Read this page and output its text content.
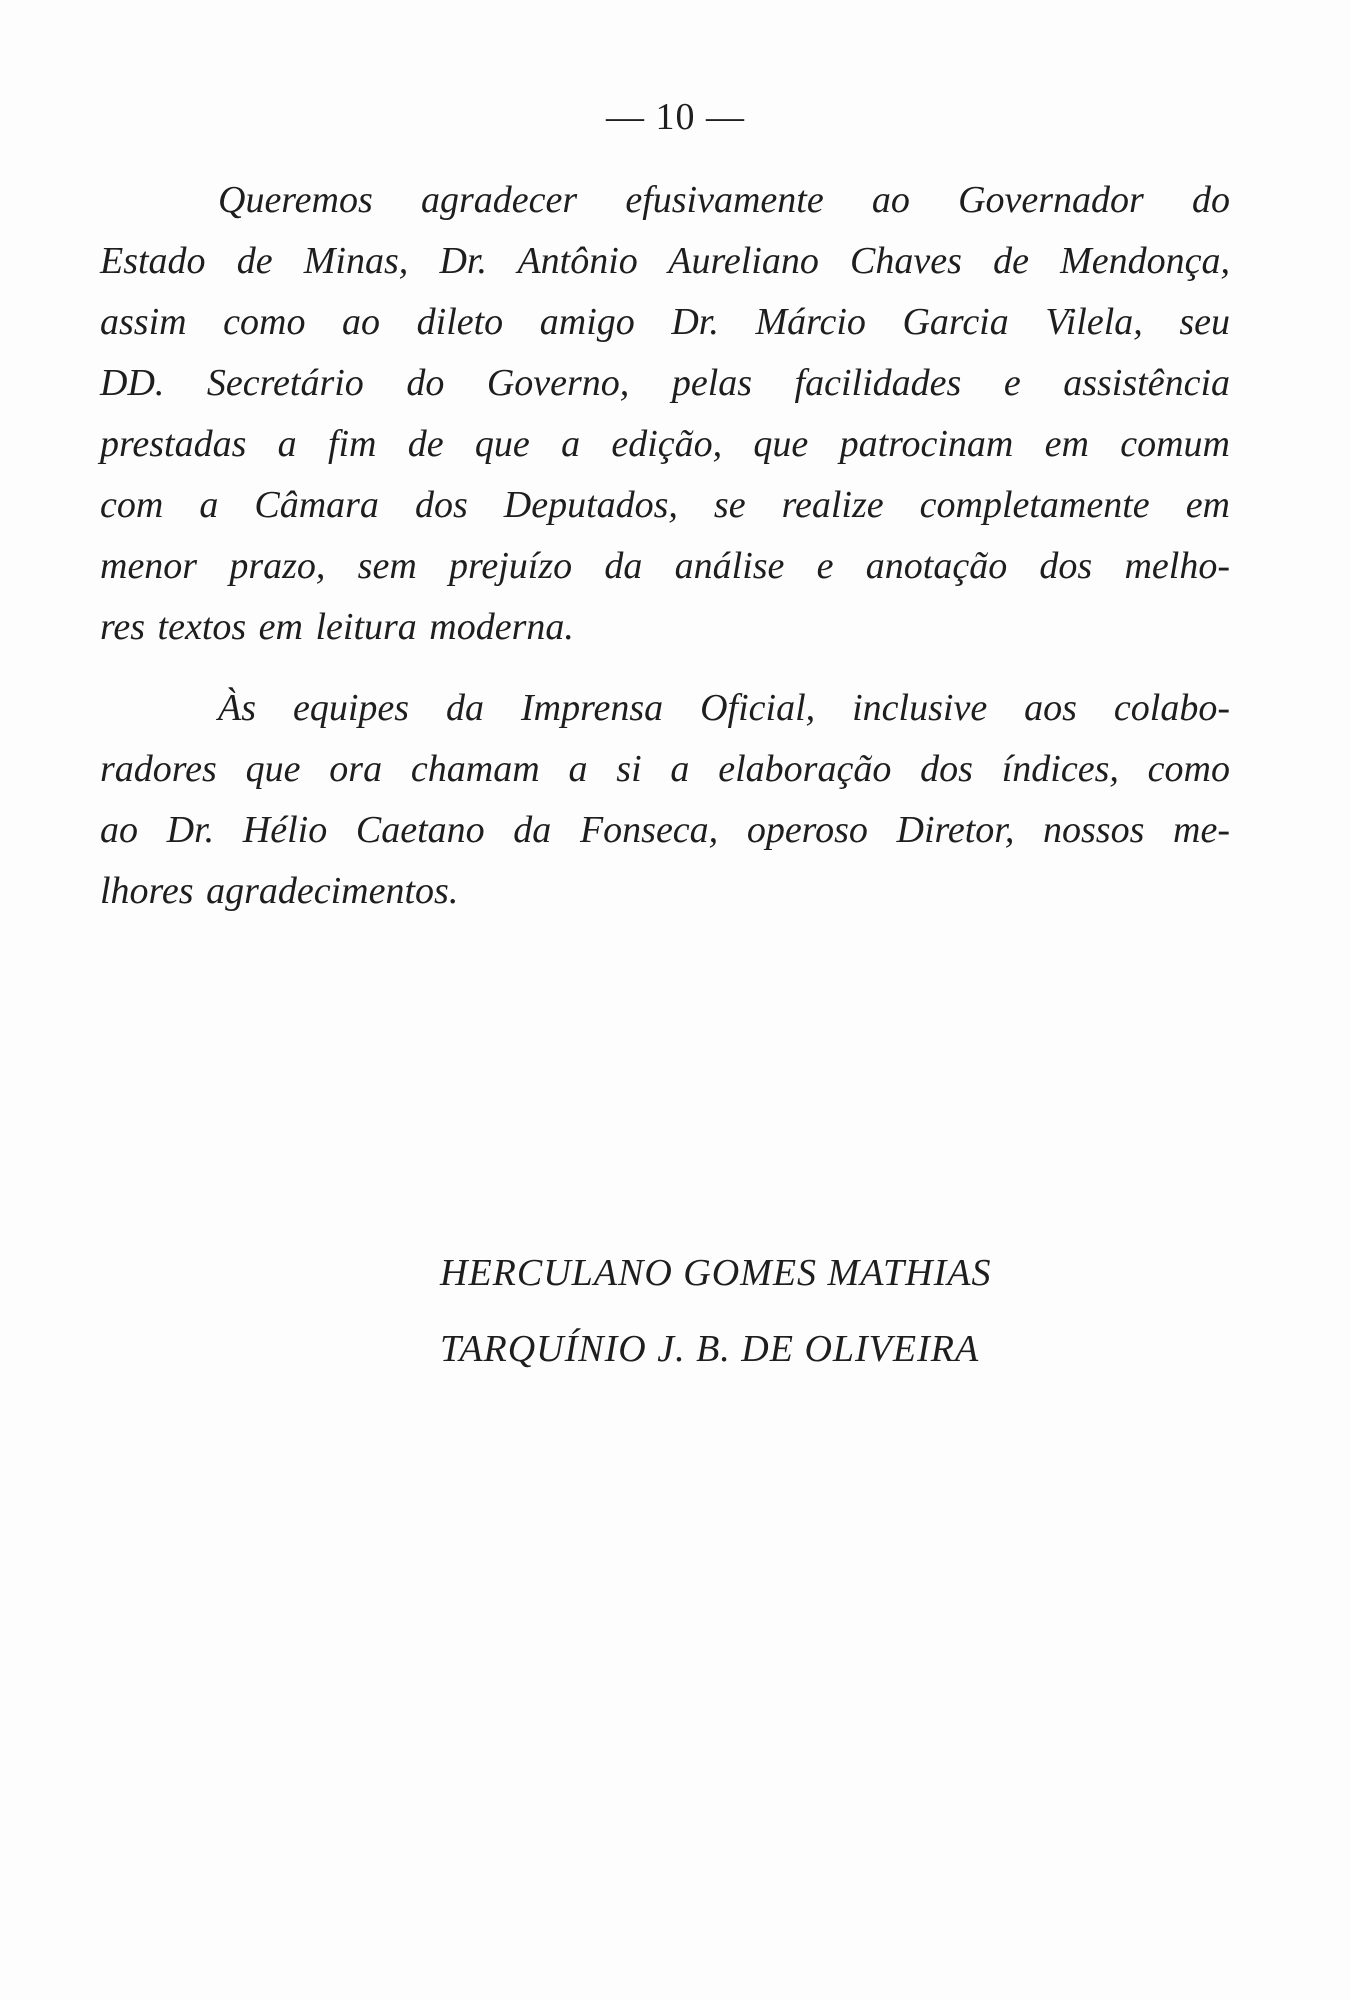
— 10 —
Queremos agradecer efusivamente ao Governador do
Estado de Minas, Dr. Antônio Aureliano Chaves de Mendonça,
assim como ao dileto amigo Dr. Márcio Garcia Vilela, seu
DD. Secretário do Governo, pelas facilidades e assistência
prestadas a fim de que a edição, que patrocinam em comum
com a Câmara dos Deputados, se realize completamente em
menor prazo, sem prejuízo da análise e anotação dos melho-
res textos em leitura moderna.
Às equipes da Imprensa Oficial, inclusive aos colabo-
radores que ora chamam a si a elaboração dos índices, como
ao Dr. Hélio Caetano da Fonseca, operoso Diretor, nossos me-
lhores agradecimentos.
HERCULANO GOMES MATHIAS
TARQUÍNIO J. B. DE OLIVEIRA
